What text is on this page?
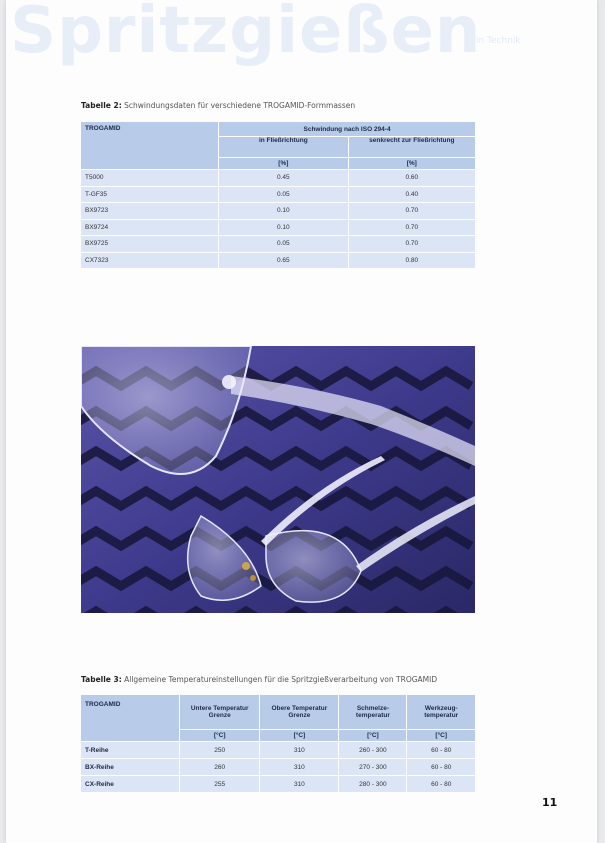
Spritzgießen
in Technik
Tabelle 2: Schwindungsdaten für verschiedene TROGAMID-Formmassen
TROGAMID	Schwindung nach ISO 294-4	
	in Fließrichtung	senkrecht zur Fließrichtung
	[%]	[%]
T5000	0.45	0.60
T-GF35	0.05	0.40
BX9723	0.10	0.70
BX9724	0.10	0.70
BX9725	0.05	0.70
CX7323	0.65	0.80
Tabelle 3: Allgemeine Temperatureinstellungen für die Spritzgießverarbeitung von TROGAMID
TROGAMID	Untere Temperatur Grenze	Obere Temperatur Grenze	Schmelze-temperatur	Werkzeug-temperatur
	[°C]	[°C]	[°C]	[°C]
T-Reihe	250	310	260 - 300	60 - 80
BX-Reihe	260	310	270 - 300	60 - 80
CX-Reihe	255	310	280 - 300	60 - 80
11
